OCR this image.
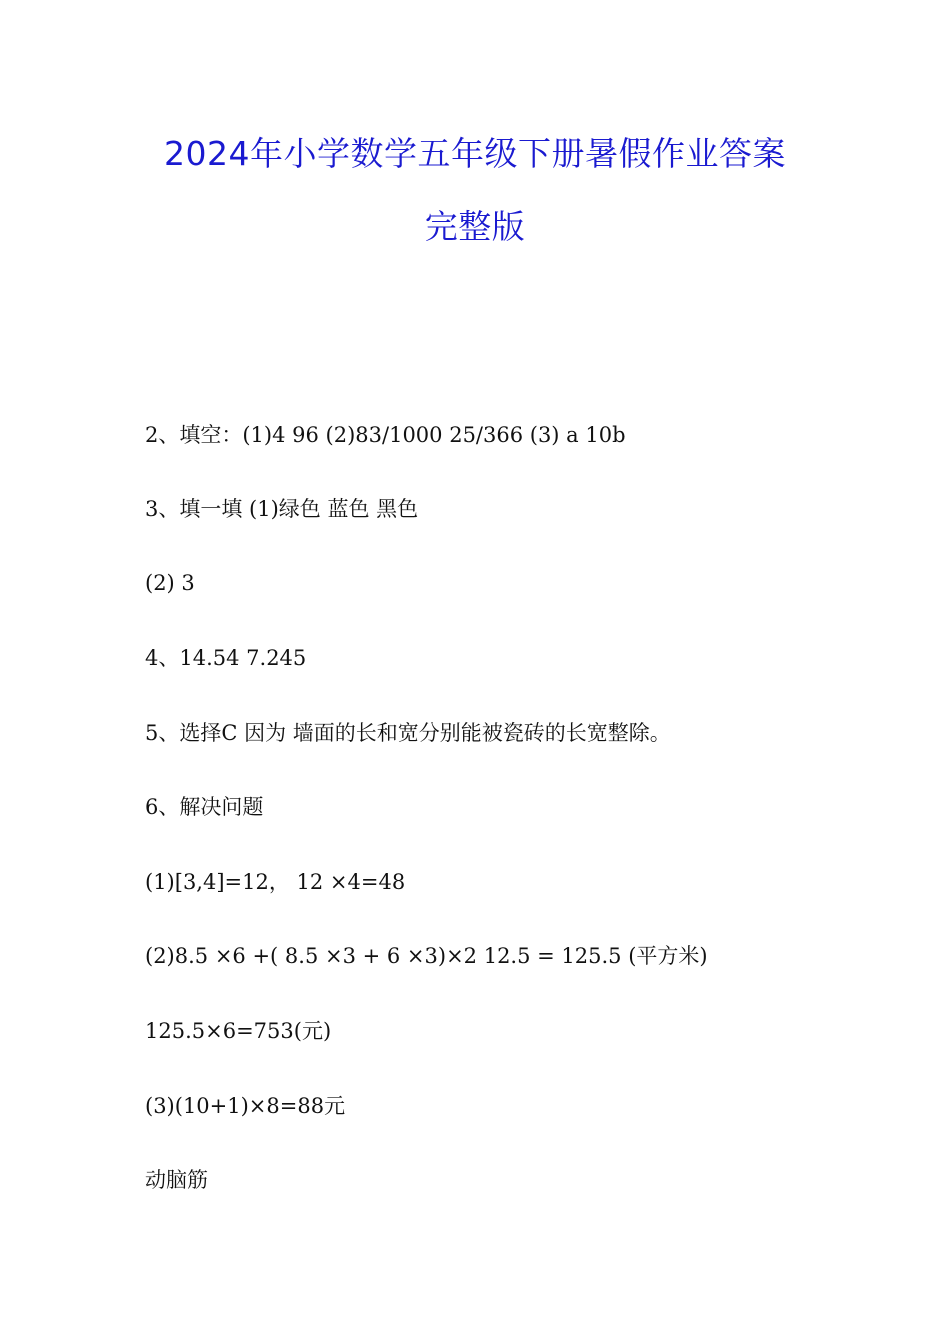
2024年小学数学五年级下册暑假作业答案
完整版
2、填空：(1)4 96 (2)83/1000 25/366 (3) a 10b
3、填一填 (1)绿色 蓝色 黑色
(2) 3
4、14.54 7.245
5、选择C 因为 墙面的长和宽分别能被瓷砖的长宽整除。
6、解决问题
(1)[3,4]=12， 12 ×4=48
(2)8.5 ×6 +( 8.5 ×3 + 6 ×3)×2 12.5 = 125.5 (平方米)
125.5×6=753(元)
(3)(10+1)×8=88元
动脑筋
